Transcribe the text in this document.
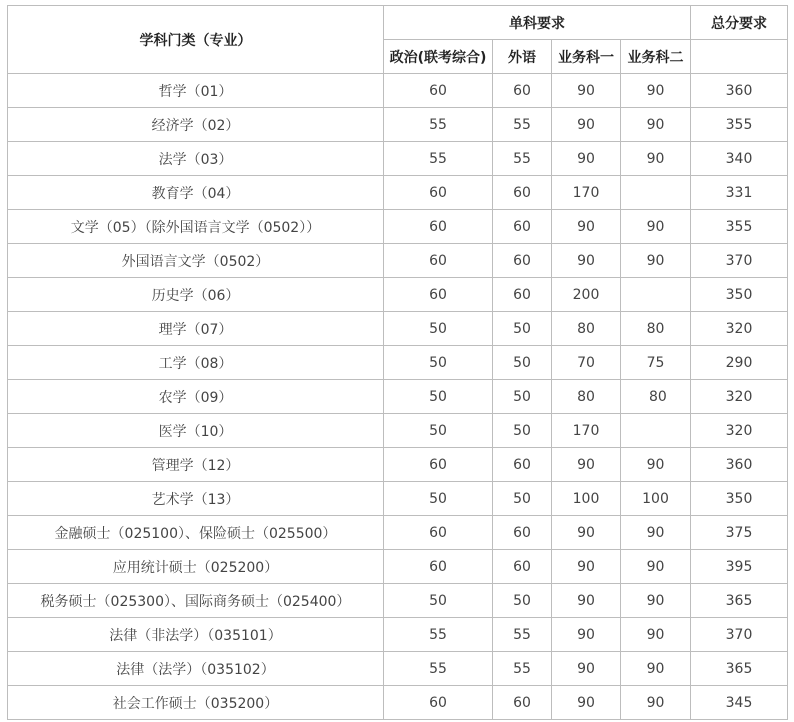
学科门类（专业）	单科要求				总分要求
	政治(联考综合)	外语	业务科一	业务科二	
哲学（01）	60	60	90	90	360
经济学（02）	55	55	90	90	355
法学（03）	55	55	90	90	340
教育学（04）	60	60	170		331
文学（05）（除外国语言文学（0502））	60	60	90	90	355
外国语言文学（0502）	60	60	90	90	370
历史学（06）	60	60	200		350
理学（07）	50	50	80	80	320
工学（08）	50	50	70	75	290
农学（09）	50	50	80	80	320
医学（10）	50	50	170		320
管理学（12）	60	60	90	90	360
艺术学（13）	50	50	100	100	350
金融硕士（025100）、保险硕士（025500）	60	60	90	90	375
应用统计硕士（025200）	60	60	90	90	395
税务硕士（025300）、国际商务硕士（025400）	50	50	90	90	365
法律（非法学）（035101）	55	55	90	90	370
法律（法学）（035102）	55	55	90	90	365
社会工作硕士（035200）	60	60	90	90	345
